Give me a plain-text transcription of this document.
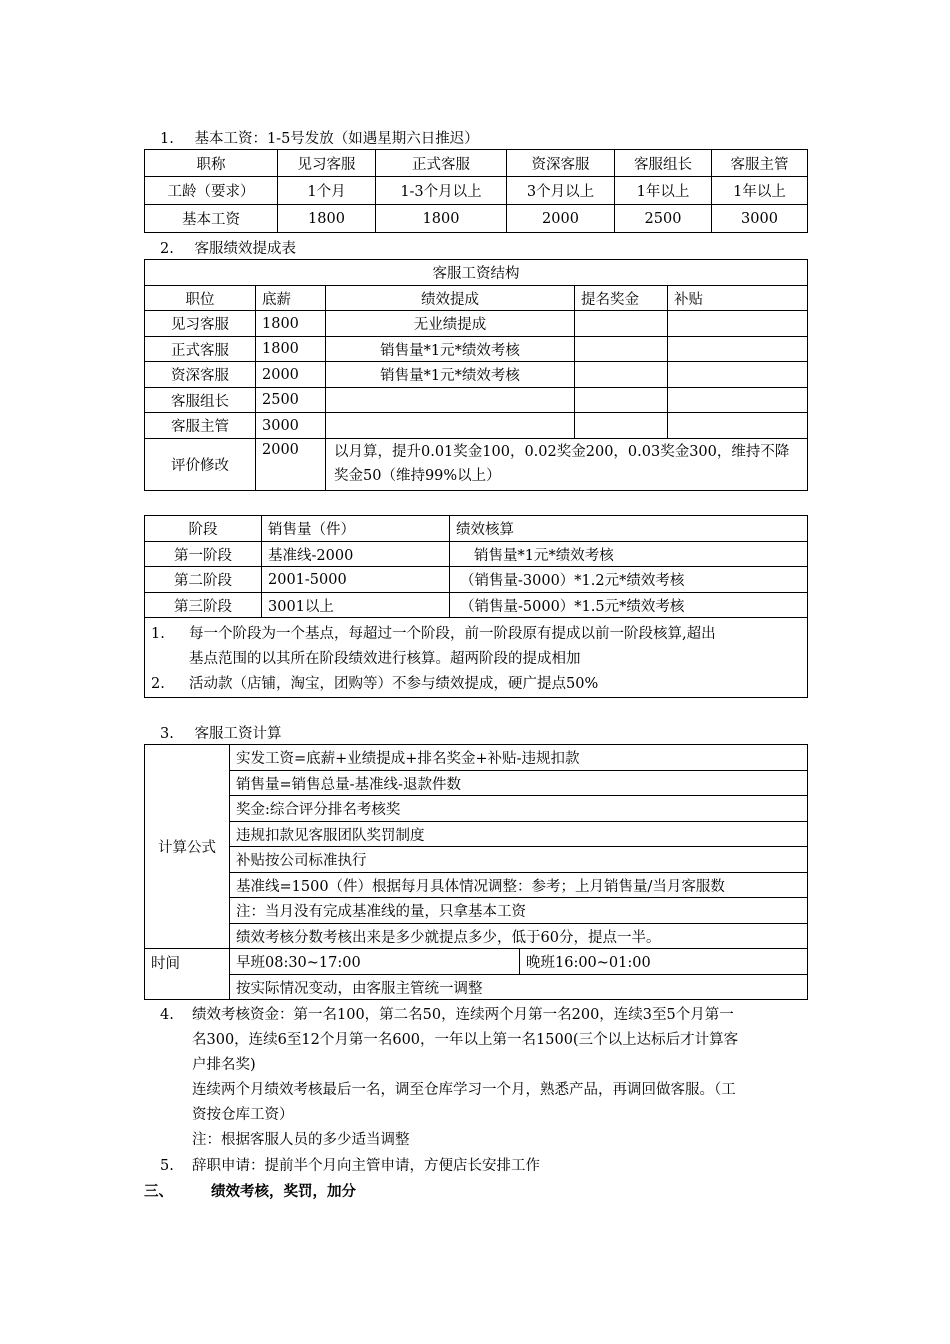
1. 基本工资：1-5号发放（如遇星期六日推迟）
职称	见习客服	正式客服	资深客服	客服组长	客服主管
工龄（要求）	1个月	1-3个月以上	3个月以上	1年以上	1年以上
基本工资	1800	1800	2000	2500	3000
2. 客服绩效提成表
客服工资结构				
职位	底薪	绩效提成	提名奖金	补贴
见习客服	1800	无业绩提成		
正式客服	1800	销售量*1元*绩效考核		
资深客服	2000	销售量*1元*绩效考核		
客服组长	2500			
客服主管	3000			
评价修改	2000	以月算，提升0.01奖金100，0.02奖金200，0.03奖金300，维持不降奖金50（维持99%以上）		
阶段	销售量（件）	绩效核算
第一阶段	基准线-2000	销售量*1元*绩效考核
第二阶段	2001-5000	（销售量-3000）*1.2元*绩效考核
第三阶段	3001以上	（销售量-5000）*1.5元*绩效考核

1. 每一个阶段为一个基点，每超过一个阶段，前一阶段原有提成以前一阶段核算,超出
基点范围的以其所在阶段绩效进行核算。超两阶段的提成相加
2. 活动款（店铺，淘宝，团购等）不参与绩效提成，硬广提点50%		
3. 客服工资计算
计算公式	实发工资=底薪+业绩提成+排名奖金+补贴-违规扣款	
	销售量=销售总量-基准线-退款件数	
	奖金:综合评分排名考核奖	
	违规扣款见客服团队奖罚制度	
	补贴按公司标准执行	
	基准线=1500（件）根据每月具体情况调整：参考；上月销售量/当月客服数	
	注：当月没有完成基准线的量，只拿基本工资	
	绩效考核分数考核出来是多少就提点多少，低于60分，提点一半。	
时间	早班08:30~17:00	晚班16:00~01:00
	按实际情况变动，由客服主管统一调整	
4. 绩效考核资金：第一名100，第二名50，连续两个月第一名200，连续3至5个月第一
名300，连续6至12个月第一名600，一年以上第一名1500(三个以上达标后才计算客
户排名奖)
连续两个月绩效考核最后一名，调至仓库学习一个月，熟悉产品，再调回做客服。（工
资按仓库工资）
注：根据客服人员的多少适当调整
5. 辞职申请：提前半个月向主管申请，方便店长安排工作
三、	绩效考核，奖罚，加分
